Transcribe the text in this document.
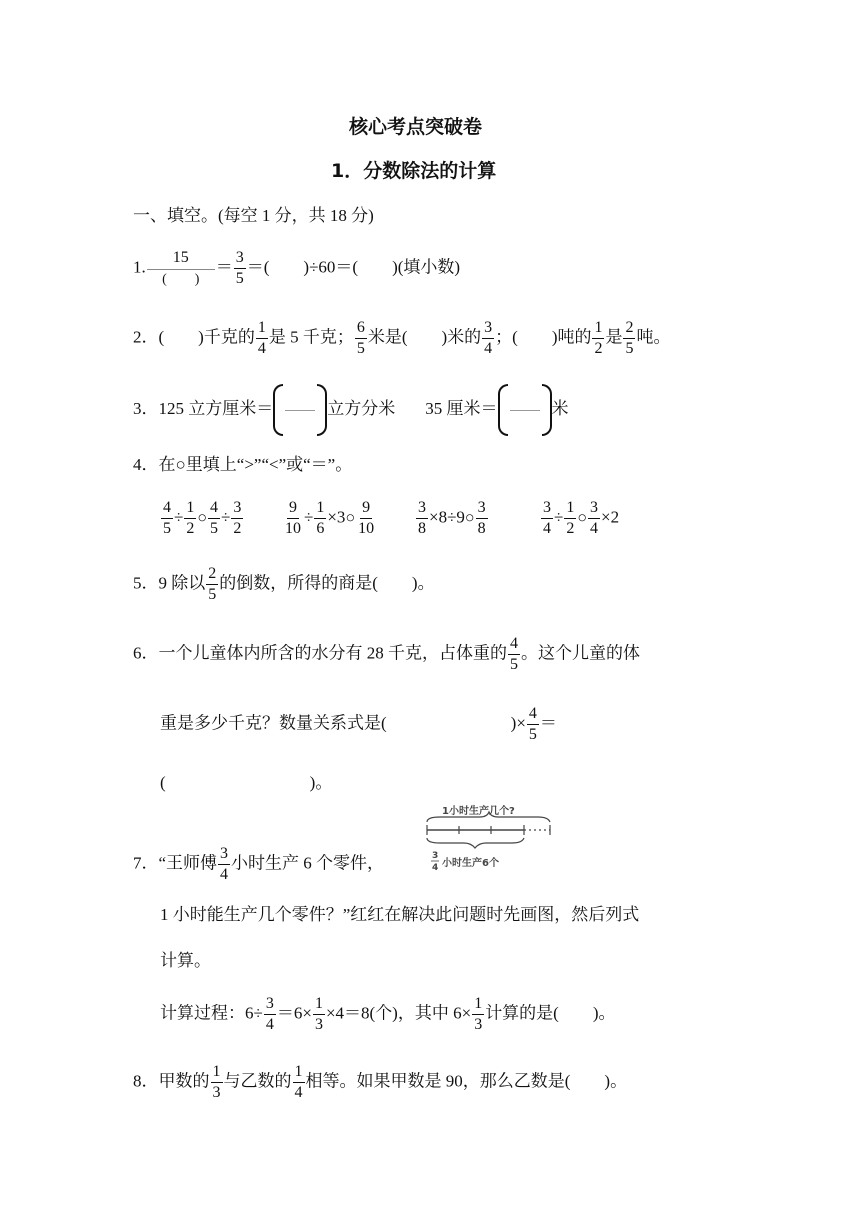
核心考点突破卷
1．分数除法的计算
一、填空。(每空 1 分，共 18 分)
1. $\frac{15}{( )} = \frac{3}{5}$ ＝(　　)÷60＝(　　)(填小数)
2．(　　)千克的 $\frac{1}{4}$ 是 5 千克； $\frac{6}{5}$ 米是(　　)米的 $\frac{3}{4}$ ；(　　)吨的 $\frac{1}{2}$ 是 $\frac{2}{5}$ 吨。
3．125 立方厘米＝	立方分米 35 厘米＝	米
4．在○里填上“>”“<”或“＝”。
$\frac{4}{5} \div \frac{1}{2}$ ○ $\frac{4}{5} \div \frac{3}{2} \frac{9}{10} \div \frac{1}{6}$ ×3○ $\frac{9}{10} \frac{3}{8}$ ×8÷9○ $\frac{3}{8}$	$\frac{3}{4} \div \frac{1}{2}$ ○ $\frac{3}{4} \times 2$
5．9 除以 $\frac{2}{5}$ 的倒数，所得的商是(　　)。
6．一个儿童体内所含的水分有 28 千克，占体重的 $\frac{4}{5}$ 。这个儿童的体
重是多少千克？数量关系式是(	)× $\frac{4}{5}$ ＝
(	)。
7．“王师傅 $\frac{3}{4}$ 小时生产 6 个零件，
1小时生产几个?
3
4 小时生产6个
1 小时能生产几个零件？”红红在解决此问题时先画图，然后列式
计算。
计算过程：$6\div \frac{3}{4} =6\times \frac{1}{3} \times 4=8$(个)，其中 $6\times \frac{1}{3}$ 计算的是(　　)。
8．甲数的 $\frac{1}{3}$ 与乙数的 $\frac{1}{4}$ 相等。如果甲数是 90，那么乙数是(　　)。
